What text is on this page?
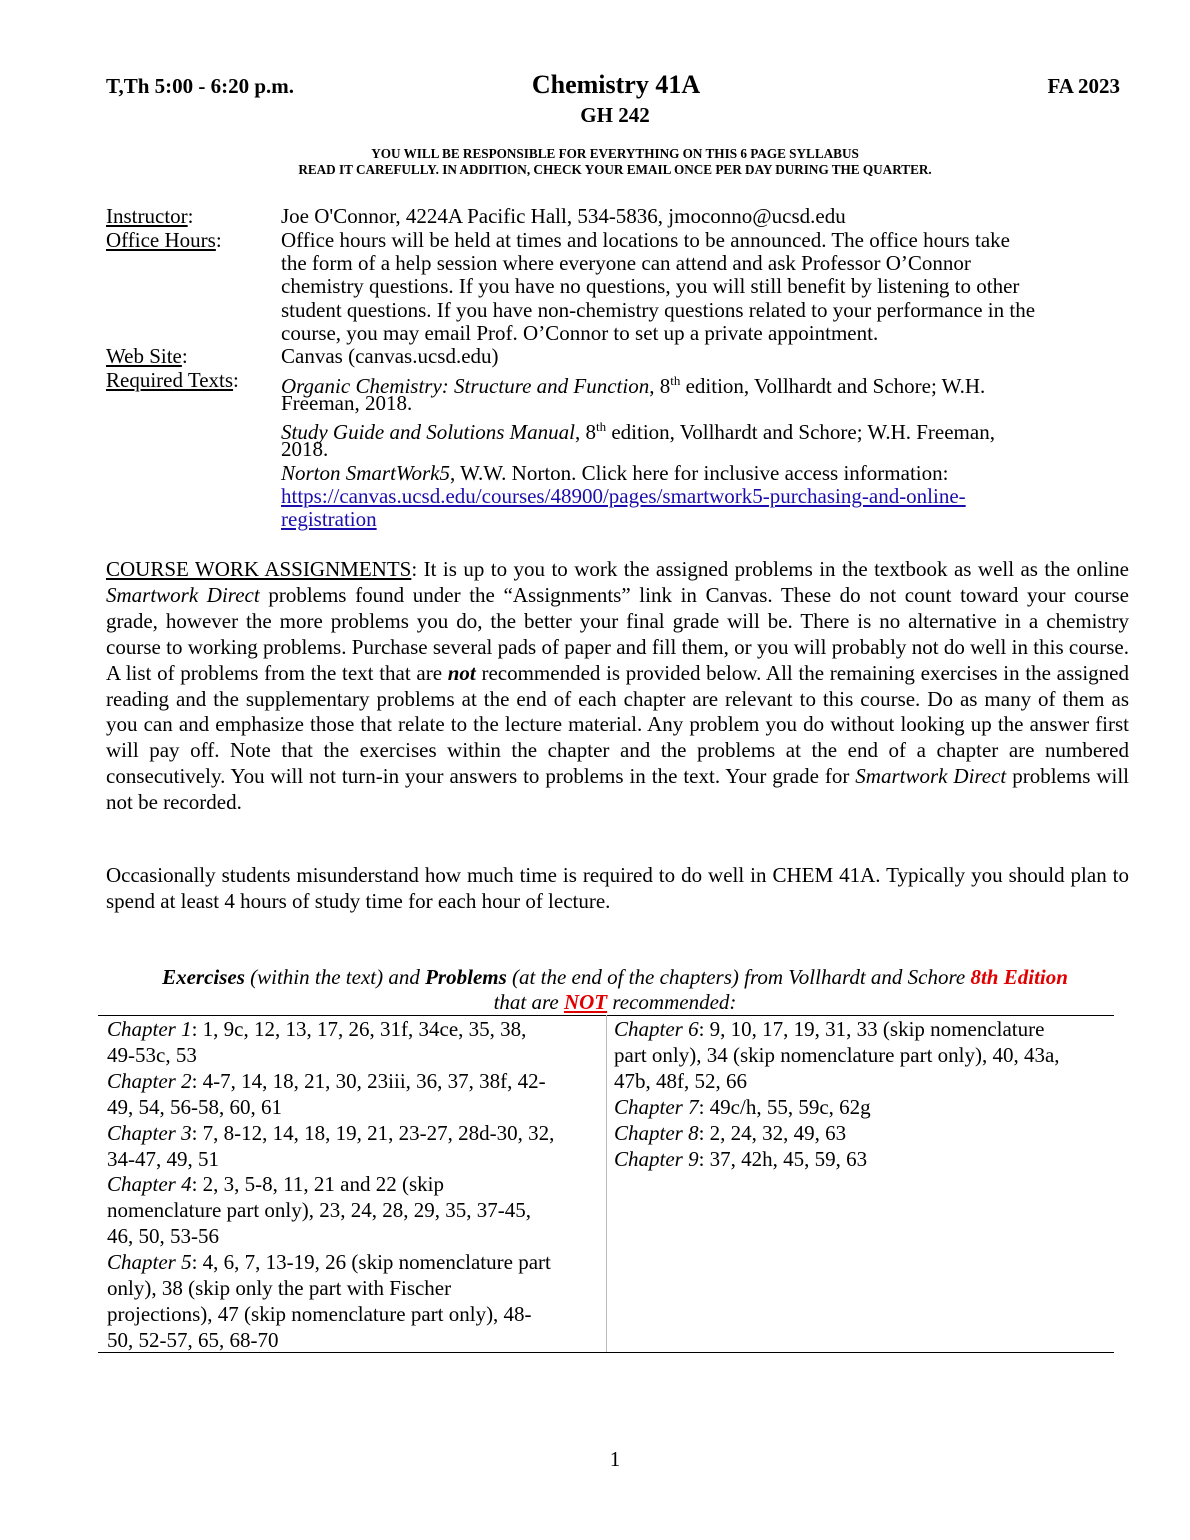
T,Th 5:00 - 6:20 p.m.	Chemistry 41A
GH 242
FA 2023
YOU WILL BE RESPONSIBLE FOR EVERYTHING ON THIS 6 PAGE SYLLABUS
READ IT CAREFULLY. IN ADDITION, CHECK YOUR EMAIL ONCE PER DAY DURING THE QUARTER.
Instructor:	Joe O'Connor, 4224A Pacific Hall, 534-5836, jmoconno@ucsd.edu
Office Hours:	Office hours will be held at times and locations to be announced. The office hours take
the form of a help session where everyone can attend and ask Professor O’Connor
chemistry questions. If you have no questions, you will still benefit by listening to other
student questions. If you have non-chemistry questions related to your performance in the
course, you may email Prof. O’Connor to set up a private appointment.
Web Site:	Canvas (canvas.ucsd.edu)
Required Texts: Organic Chemistry: Structure and Function, 8th edition, Vollhardt and Schore; W.H.
Freeman, 2018.
Study Guide and Solutions Manual, 8th edition, Vollhardt and Schore; W.H. Freeman,
2018.
Norton SmartWork5, W.W. Norton. Click here for inclusive access information:
https://canvas.ucsd.edu/courses/48900/pages/smartwork5-purchasing-and-online-
registration
COURSE WORK ASSIGNMENTS: It is up to you to work the assigned problems in the textbook as well as the online Smartwork Direct problems found under the “Assignments” link in Canvas. These do not count toward your course grade, however the more problems you do, the better your final grade will be. There is no alternative in a chemistry course to working problems. Purchase several pads of paper and fill them, or you will probably not do well in this course. A list of problems from the text that are not recommended is provided below. All the remaining exercises in the assigned reading and the supplementary problems at the end of each chapter are relevant to this course. Do as many of them as you can and emphasize those that relate to the lecture material. Any problem you do without looking up the answer first will pay off. Note that the exercises within the chapter and the problems at the end of a chapter are numbered consecutively. You will not turn-in your answers to problems in the text. Your grade for Smartwork Direct problems will not be recorded.
Occasionally students misunderstand how much time is required to do well in CHEM 41A. Typically you should plan to spend at least 4 hours of study time for each hour of lecture.
Exercises (within the text) and Problems (at the end of the chapters) from Vollhardt and Schore 8th Edition
that are NOT recommended:
Chapter 1: 1, 9c, 12, 13, 17, 26, 31f, 34ce, 35, 38,
49-53c, 53
Chapter 2: 4-7, 14, 18, 21, 30, 23iii, 36, 37, 38f, 42-
49, 54, 56-58, 60, 61
Chapter 3: 7, 8-12, 14, 18, 19, 21, 23-27, 28d-30, 32,
34-47, 49, 51
Chapter 4: 2, 3, 5-8, 11, 21 and 22 (skip
nomenclature part only), 23, 24, 28, 29, 35, 37-45,
46, 50, 53-56
Chapter 5: 4, 6, 7, 13-19, 26 (skip nomenclature part
only), 38 (skip only the part with Fischer
projections), 47 (skip nomenclature part only), 48-
50, 52-57, 65, 68-70
Chapter 6: 9, 10, 17, 19, 31, 33 (skip nomenclature
part only), 34 (skip nomenclature part only), 40, 43a,
47b, 48f, 52, 66
Chapter 7: 49c/h, 55, 59c, 62g
Chapter 8: 2, 24, 32, 49, 63
Chapter 9: 37, 42h, 45, 59, 63
1
